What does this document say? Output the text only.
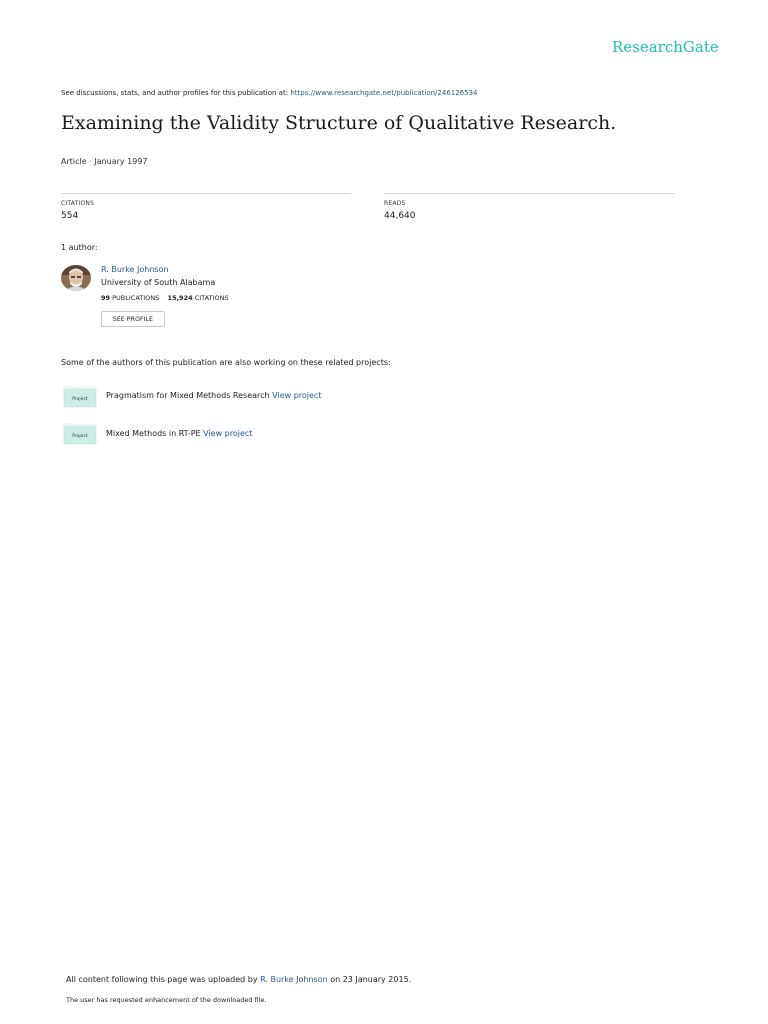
ResearchGate
See discussions, stats, and author profiles for this publication at: https://www.researchgate.net/publication/246126534
Examining the Validity Structure of Qualitative Research.
Article · January 1997
CITATIONS
554
READS
44,640
1 author:
R. Burke Johnson
University of South Alabama
99 PUBLICATIONS 15,924 CITATIONS
SEE PROFILE
Some of the authors of this publication are also working on these related projects:
Project Pragmatism for Mixed Methods Research View project
Project Mixed Methods in RT-PE View project
All content following this page was uploaded by R. Burke Johnson on 23 January 2015.
The user has requested enhancement of the downloaded file.
